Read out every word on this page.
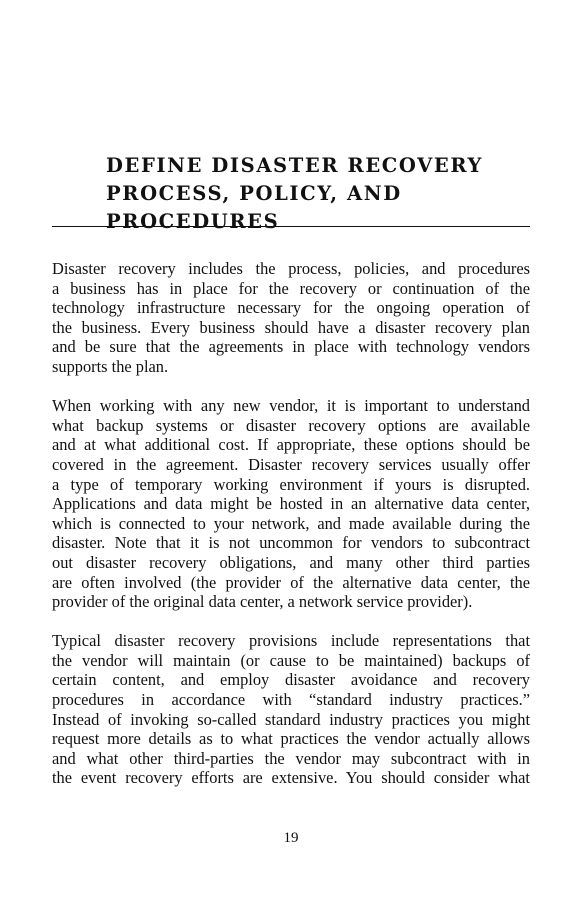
DEFINE DISASTER RECOVERY
PROCESS, POLICY, AND
PROCEDURES

Disaster recovery includes the process, policies, and procedures
a business has in place for the recovery or continuation of the
technology infrastructure necessary for the ongoing operation of
the business. Every business should have a disaster recovery plan
and be sure that the agreements in place with technology vendors
supports the plan.

When working with any new vendor, it is important to understand
what backup systems or disaster recovery options are available
and at what additional cost. If appropriate, these options should be
covered in the agreement. Disaster recovery services usually offer
a type of temporary working environment if yours is disrupted.
Applications and data might be hosted in an alternative data center,
which is connected to your network, and made available during the
disaster. Note that it is not uncommon for vendors to subcontract
out disaster recovery obligations, and many other third parties
are often involved (the provider of the alternative data center, the
provider of the original data center, a network service provider).

Typical disaster recovery provisions include representations that
the vendor will maintain (or cause to be maintained) backups of
certain content, and employ disaster avoidance and recovery
procedures in accordance with “standard industry practices.”
Instead of invoking so-called standard industry practices you might
request more details as to what practices the vendor actually allows
and what other third-parties the vendor may subcontract with in
the event recovery efforts are extensive. You should consider what

19
